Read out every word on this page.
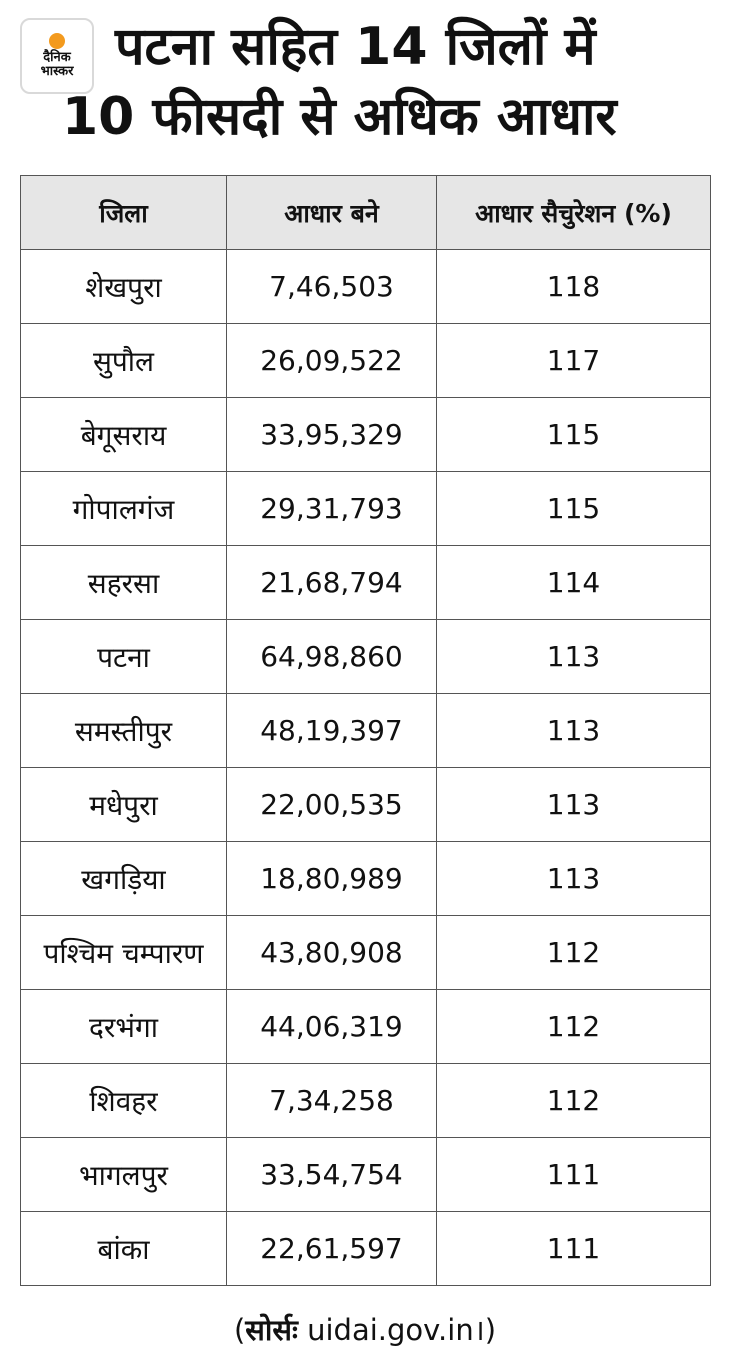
दैनिक
भास्कर पटना सहित 14 जिलों में
10 फीसदी से अधिक आधार
जिला	आधार बने	आधार सैचुरेशन (%)
शेखपुरा	7,46,503	118
सुपौल	26,09,522	117
बेगूसराय	33,95,329	115
गोपालगंज	29,31,793	115
सहरसा	21,68,794	114
पटना	64,98,860	113
समस्तीपुर	48,19,397	113
मधेपुरा	22,00,535	113
खगड़िया	18,80,989	113
पश्चिम चम्पारण	43,80,908	112
दरभंगा	44,06,319	112
शिवहर	7,34,258	112
भागलपुर	33,54,754	111
बांका	22,61,597	111
(सोर्सः uidai.gov.in।)
